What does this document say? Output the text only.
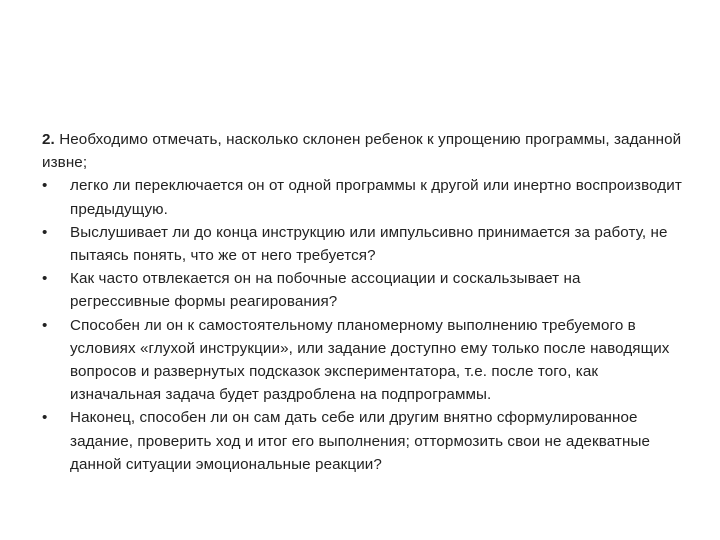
2. Необходимо отмечать, насколько склонен ребенок к упрощению программы, заданной извне;
•	легко ли переключается он от одной программы к другой или инертно воспроизводит предыдущую.
•	Выслушивает ли до конца инструкцию или импульсивно принимается за работу, не пытаясь понять, что же от него требуется?
•	Как часто отвлекается он на побочные ассоциации и соскальзывает на регрессивные формы реагирования?
•	Способен ли он к самостоятельному планомерному выполнению требуемого в условиях «глухой инструкции», или задание доступно ему только после наводящих вопросов и развернутых подсказок экспериментатора, т.е. после того, как изначальная задача будет раздроблена на подпрограммы.
•	Наконец, способен ли он сам дать себе или другим внятно сформулированное задание, проверить ход и итог его выполнения; оттормозить свои не адекватные данной ситуации эмоциональные реакции?
